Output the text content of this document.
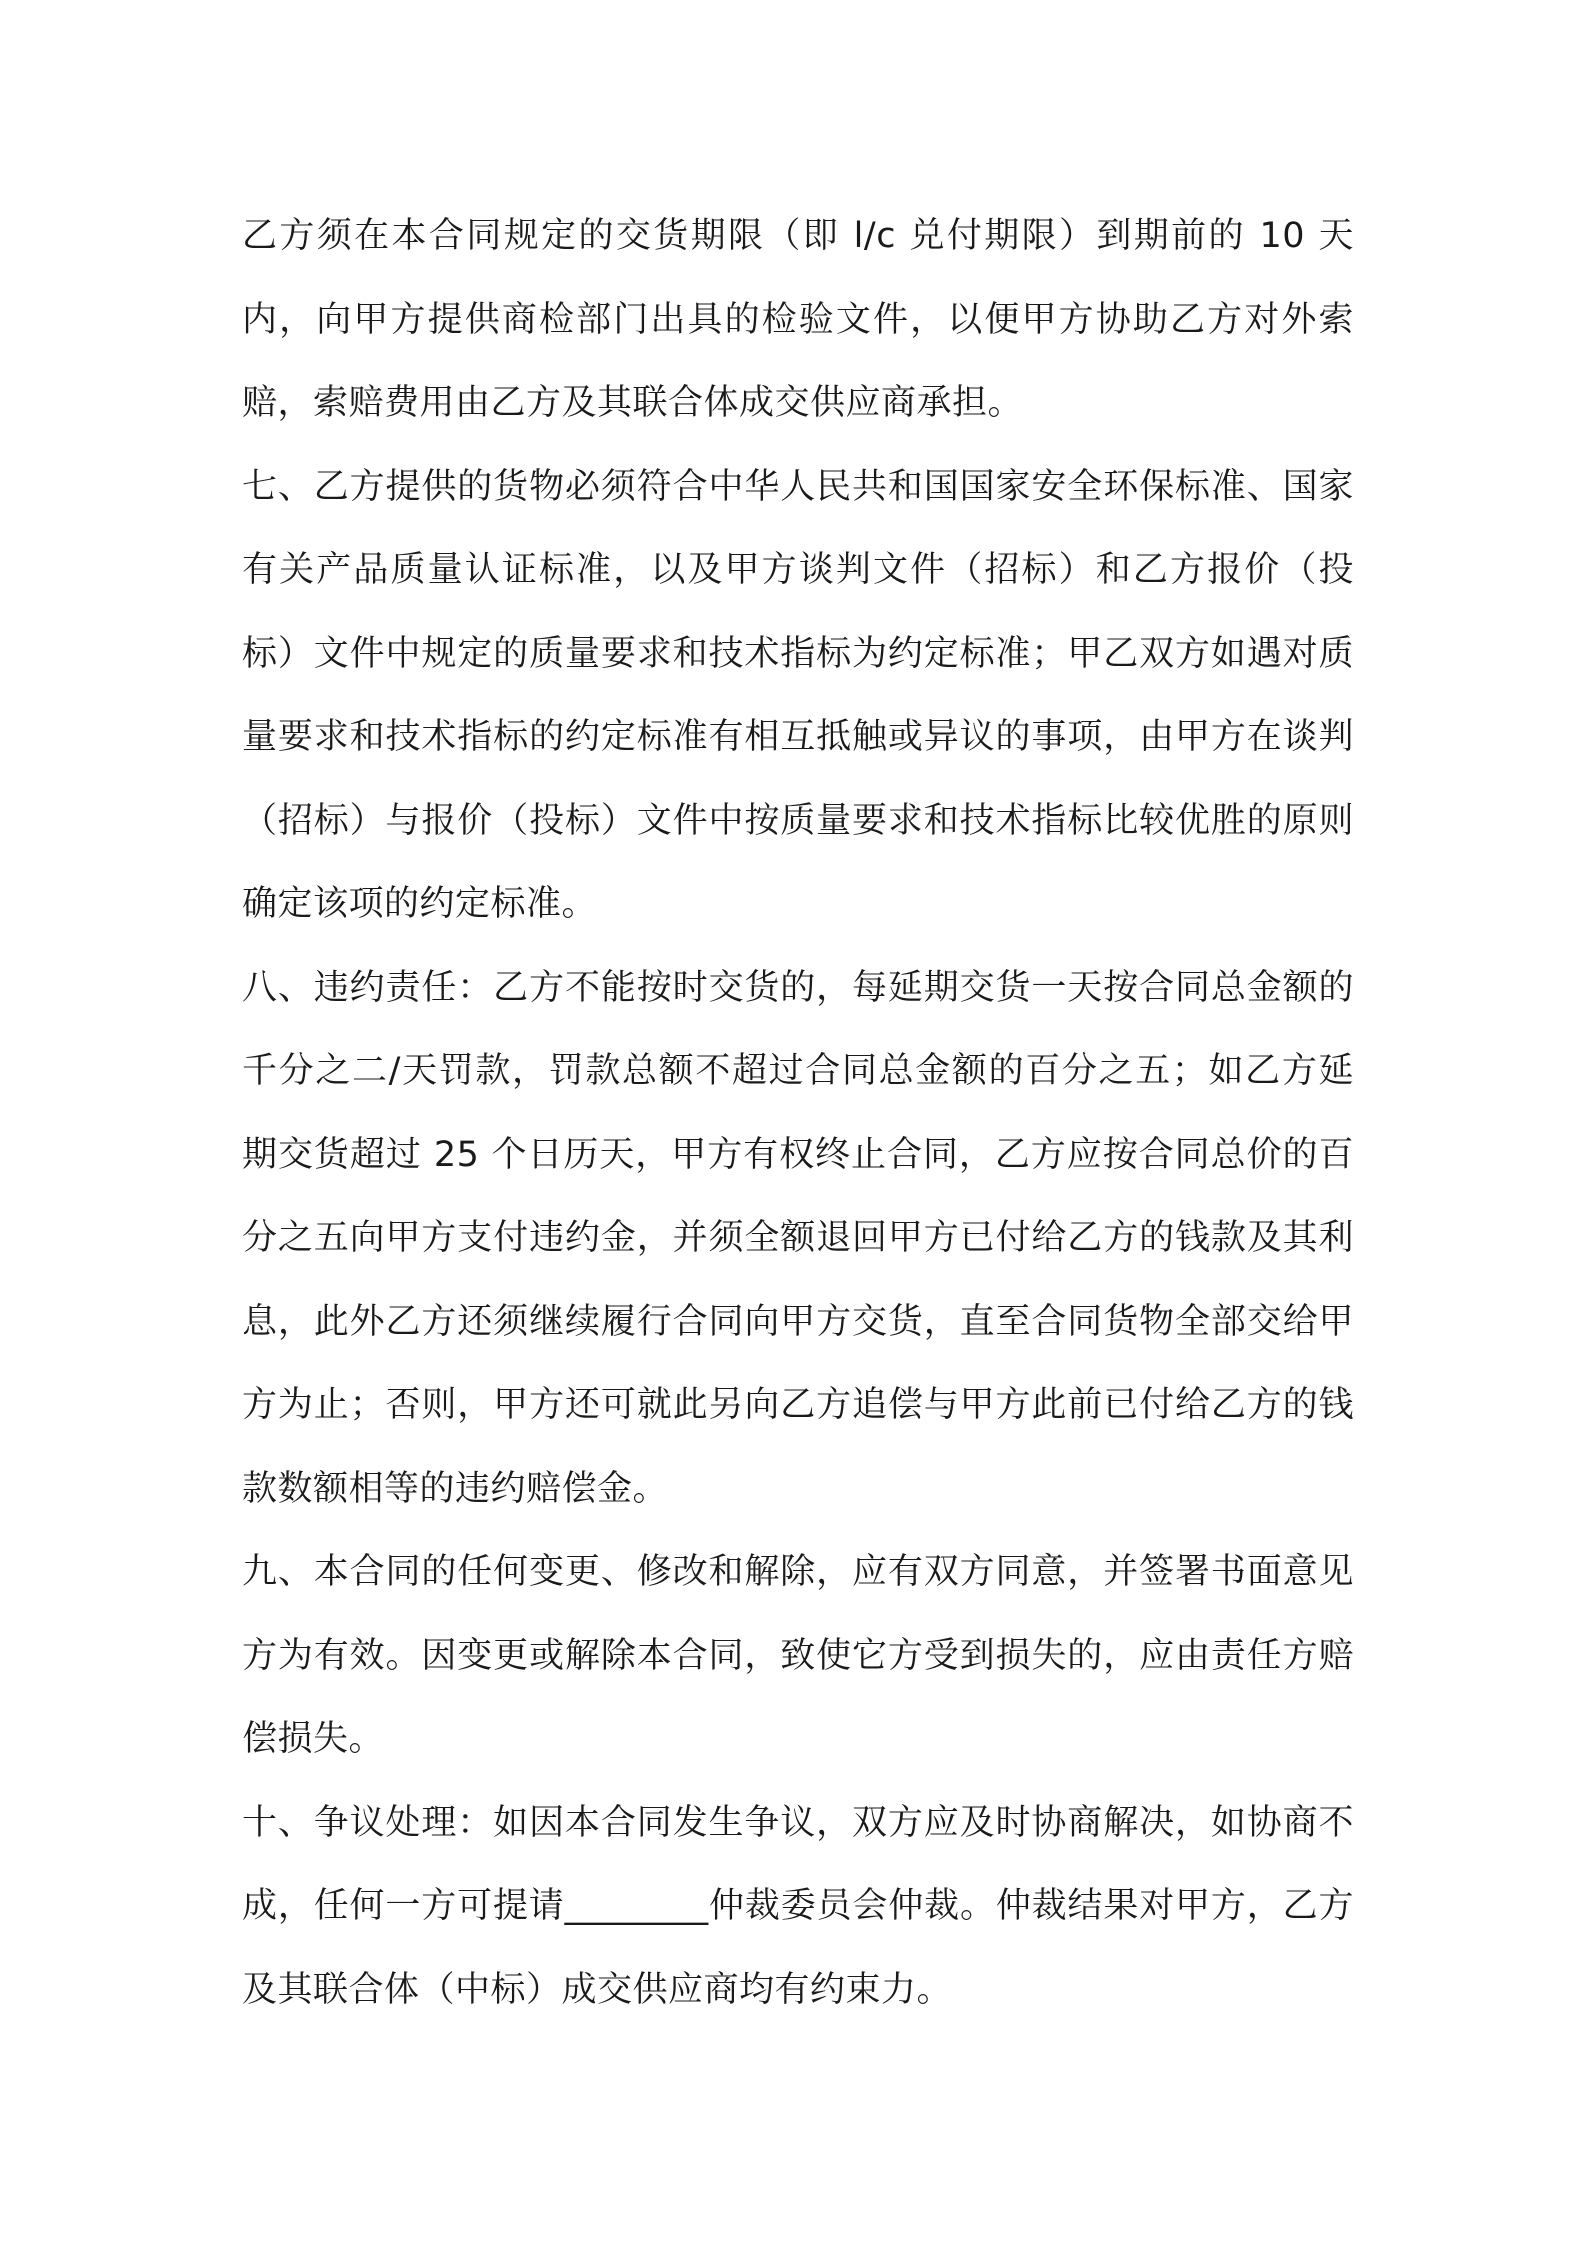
乙方须在本合同规定的交货期限（即 l/c 兑付期限）到期前的 10 天内，向甲方提供商检部门出具的检验文件，以便甲方协助乙方对外索赔，索赔费用由乙方及其联合体成交供应商承担。

七、乙方提供的货物必须符合中华人民共和国国家安全环保标准、国家有关产品质量认证标准，以及甲方谈判文件（招标）和乙方报价（投标）文件中规定的质量要求和技术指标为约定标准；甲乙双方如遇对质量要求和技术指标的约定标准有相互抵触或异议的事项，由甲方在谈判（招标）与报价（投标）文件中按质量要求和技术指标比较优胜的原则确定该项的约定标准。

八、违约责任：乙方不能按时交货的，每延期交货一天按合同总金额的千分之二/天罚款，罚款总额不超过合同总金额的百分之五；如乙方延期交货超过 25 个日历天，甲方有权终止合同，乙方应按合同总价的百分之五向甲方支付违约金，并须全额退回甲方已付给乙方的钱款及其利息，此外乙方还须继续履行合同向甲方交货，直至合同货物全部交给甲方为止；否则，甲方还可就此另向乙方追偿与甲方此前已付给乙方的钱款数额相等的违约赔偿金。

九、本合同的任何变更、修改和解除，应有双方同意，并签署书面意见方为有效。因变更或解除本合同，致使它方受到损失的，应由责任方赔偿损失。

十、争议处理：如因本合同发生争议，双方应及时协商解决，如协商不成，任何一方可提请________仲裁委员会仲裁。仲裁结果对甲方，乙方及其联合体（中标）成交供应商均有约束力。
